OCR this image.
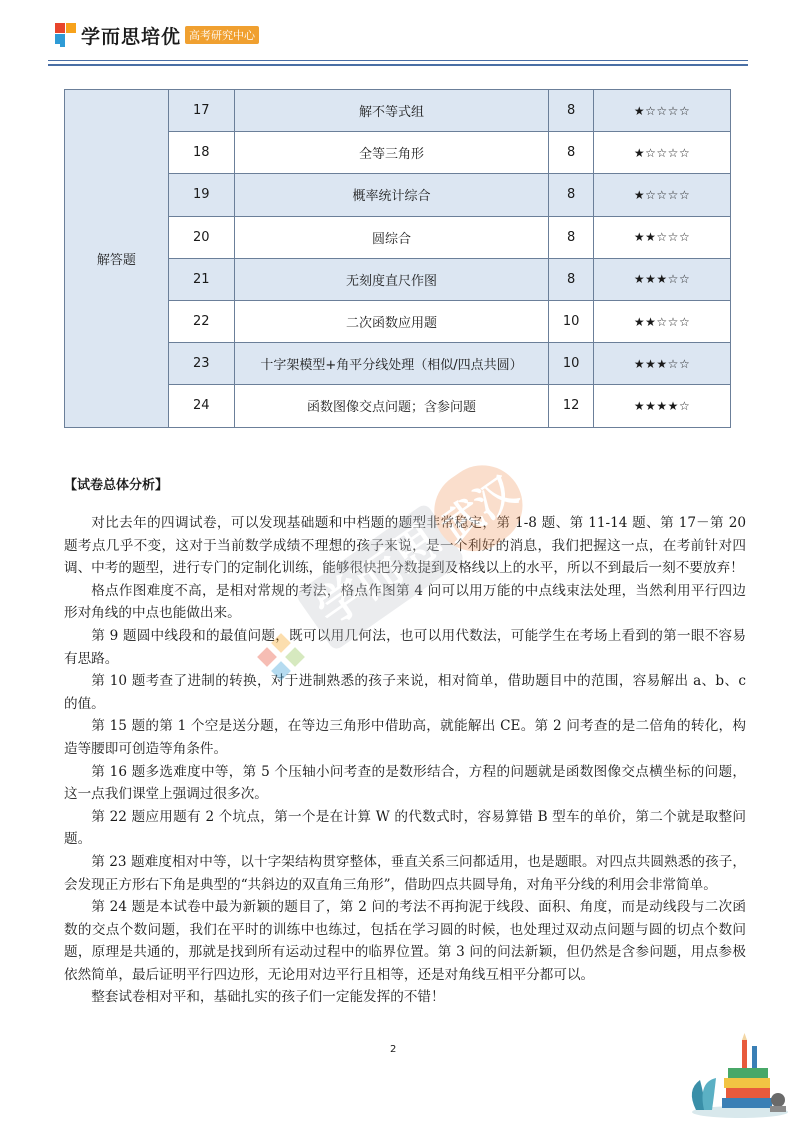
学而思培优 高考研究中心
解答题	17	解不等式组	8	★☆☆☆☆
	18	全等三角形	8	★☆☆☆☆
	19	概率统计综合	8	★☆☆☆☆
	20	圆综合	8	★★☆☆☆
	21	无刻度直尺作图	8	★★★☆☆
	22	二次函数应用题	10	★★☆☆☆
	23	十字架模型+角平分线处理（相似/四点共圆）	10	★★★☆☆
	24	函数图像交点问题；含参问题	12	★★★★☆
【试卷总体分析】

对比去年的四调试卷，可以发现基础题和中档题的题型非常稳定，第 1-8 题、第 11-14 题、第 17－第 20 题考点几乎不变，这对于当前数学成绩不理想的孩子来说，是一个利好的消息，我们把握这一点，在考前针对四调、中考的题型，进行专门的定制化训练，能够很快把分数提到及格线以上的水平，所以不到最后一刻不要放弃！

格点作图难度不高，是相对常规的考法，格点作图第 4 问可以用万能的中点线束法处理，当然利用平行四边形对角线的中点也能做出来。

第 9 题圆中线段和的最值问题，既可以用几何法，也可以用代数法，可能学生在考场上看到的第一眼不容易有思路。

第 10 题考查了进制的转换，对于进制熟悉的孩子来说，相对简单，借助题目中的范围，容易解出 a、b、c 的值。

第 15 题的第 1 个空是送分题，在等边三角形中借助高，就能解出 CE。第 2 问考查的是二倍角的转化，构造等腰即可创造等角条件。

第 16 题多选难度中等，第 5 个压轴小问考查的是数形结合，方程的问题就是函数图像交点横坐标的问题，这一点我们课堂上强调过很多次。

第 22 题应用题有 2 个坑点，第一个是在计算 W 的代数式时，容易算错 B 型车的单价，第二个就是取整问题。

第 23 题难度相对中等，以十字架结构贯穿整体，垂直关系三问都适用，也是题眼。对四点共圆熟悉的孩子，会发现正方形右下角是典型的“共斜边的双直角三角形”，借助四点共圆导角，对角平分线的利用会非常简单。

第 24 题是本试卷中最为新颖的题目了，第 2 问的考法不再拘泥于线段、面积、角度，而是动线段与二次函数的交点个数问题，我们在平时的训练中也练过，包括在学习圆的时候，也处理过双动点问题与圆的切点个数问题，原理是共通的，那就是找到所有运动过程中的临界位置。第 3 问的问法新颖，但仍然是含参问题，用点参极依然简单，最后证明平行四边形，无论用对边平行且相等，还是对角线互相平分都可以。

整套试卷相对平和，基础扎实的孩子们一定能发挥的不错！

学而思
武汉
2
